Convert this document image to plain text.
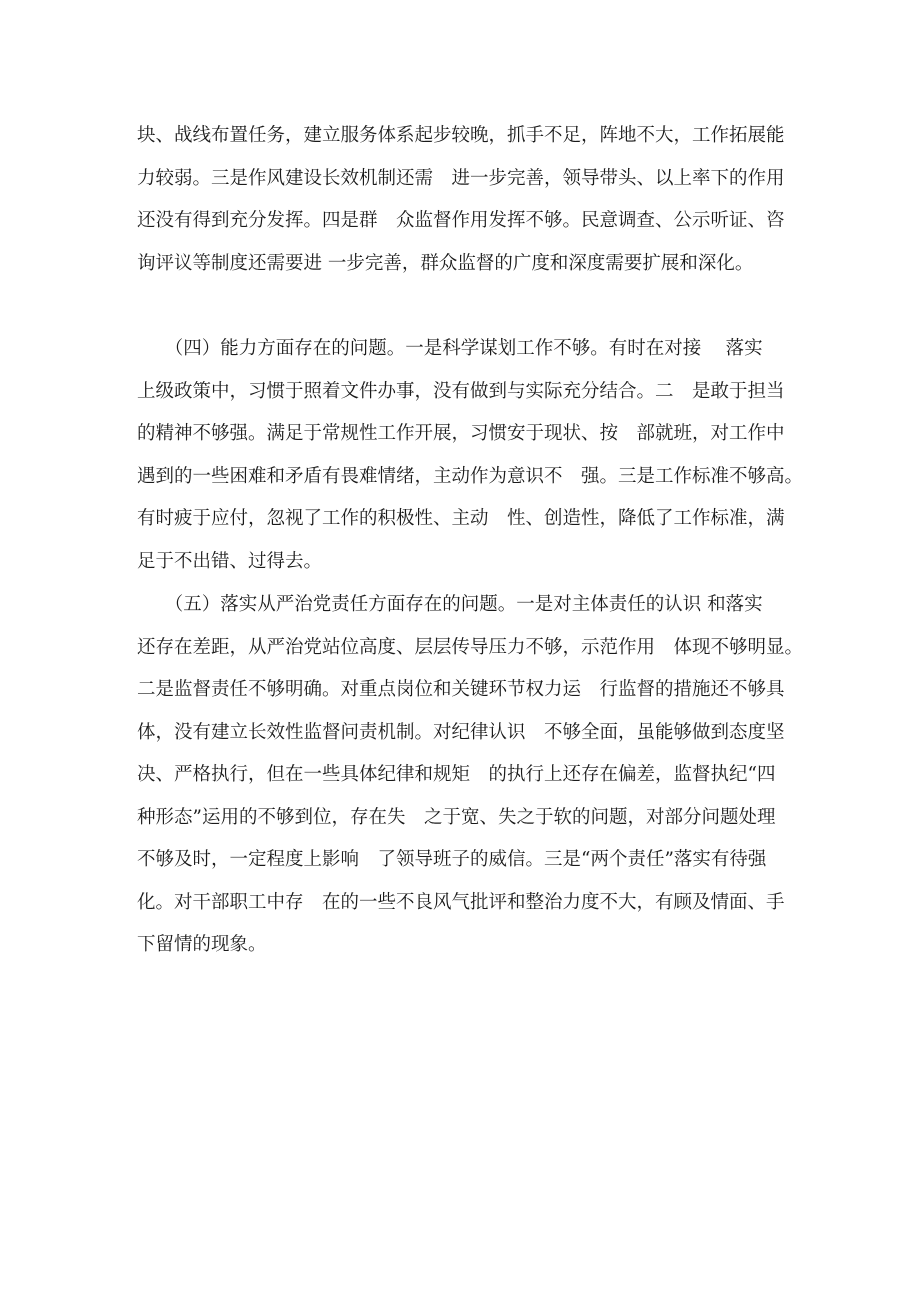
块、战线布置任务，建立服务体系起步较晚，抓手不足，阵地不大，工作拓展能
力较弱。三是作风建设长效机制还需　进一步完善，领导带头、以上率下的作用
还没有得到充分发挥。四是群　众监督作用发挥不够。民意调查、公示听证、咨
询评议等制度还需要进 一步完善，群众监督的广度和深度需要扩展和深化。
　　（四）能力方面存在的问题。一是科学谋划工作不够。有时在对接　 落实
上级政策中，习惯于照着文件办事，没有做到与实际充分结合。二　是敢于担当
的精神不够强。满足于常规性工作开展，习惯安于现状、按　部就班，对工作中
遇到的一些困难和矛盾有畏难情绪，主动作为意识不　强。三是工作标准不够高。
有时疲于应付，忽视了工作的积极性、主动　性、创造性，降低了工作标准，满
足于不出错、过得去。
　　（五）落实从严治党责任方面存在的问题。一是对主体责任的认识 和落实
还存在差距，从严治党站位高度、层层传导压力不够，示范作用　体现不够明显。
二是监督责任不够明确。对重点岗位和关键环节权力运　行监督的措施还不够具
体，没有建立长效性监督问责机制。对纪律认识　不够全面，虽能够做到态度坚
决、严格执行，但在一些具体纪律和规矩　的执行上还存在偏差，监督执纪“四
种形态”运用的不够到位，存在失　之于宽、失之于软的问题，对部分问题处理
不够及时，一定程度上影响　了领导班子的威信。三是“两个责任”落实有待强
化。对干部职工中存　在的一些不良风气批评和整治力度不大，有顾及情面、手
下留情的现象。
